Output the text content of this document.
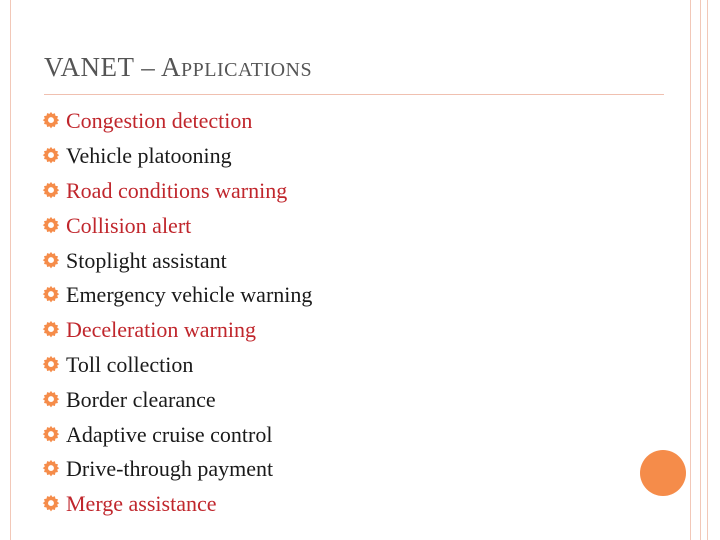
VANET – APPLICATIONS
Congestion detection
Vehicle platooning
Road conditions warning
Collision alert
Stoplight assistant
Emergency vehicle warning
Deceleration warning
Toll collection
Border clearance
Adaptive cruise control
Drive-through payment
Merge assistance
